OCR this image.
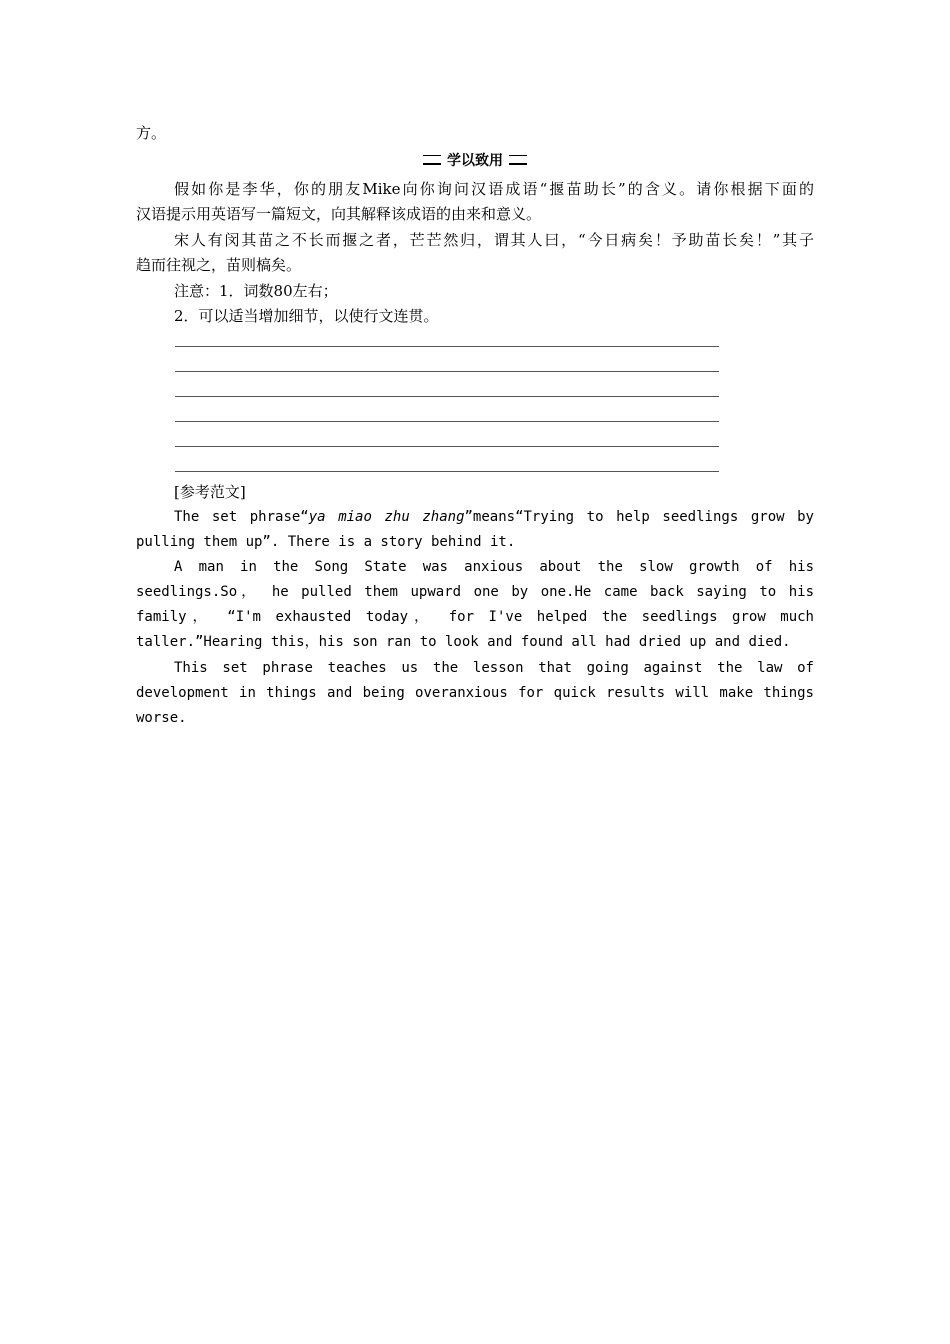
方。
学以致用
假如你是李华，你的朋友Mike向你询问汉语成语“揠苗助长”的含义。请你根据下面的
汉语提示用英语写一篇短文，向其解释该成语的由来和意义。
宋人有闵其苗之不长而揠之者，芒芒然归，谓其人曰，“今日病矣！予助苗长矣！”其子
趋而往视之，苗则槁矣。
注意：1．词数80左右；
2．可以适当增加细节，以使行文连贯。
[参考范文]
The set phrase“ya miao zhu zhang”means“Trying to help seedlings grow by
pulling them up”. There is a story behind it.
A man in the Song State was anxious about the slow growth of his
seedlings.So， he pulled them upward one by one.He came back saying to his
family， “I'm exhausted today， for I've helped the seedlings grow much
taller.”Hearing this，his son ran to look and found all had dried up and died.
This set phrase teaches us the lesson that going against the law of
development in things and being overanxious for quick results will make things
worse.
